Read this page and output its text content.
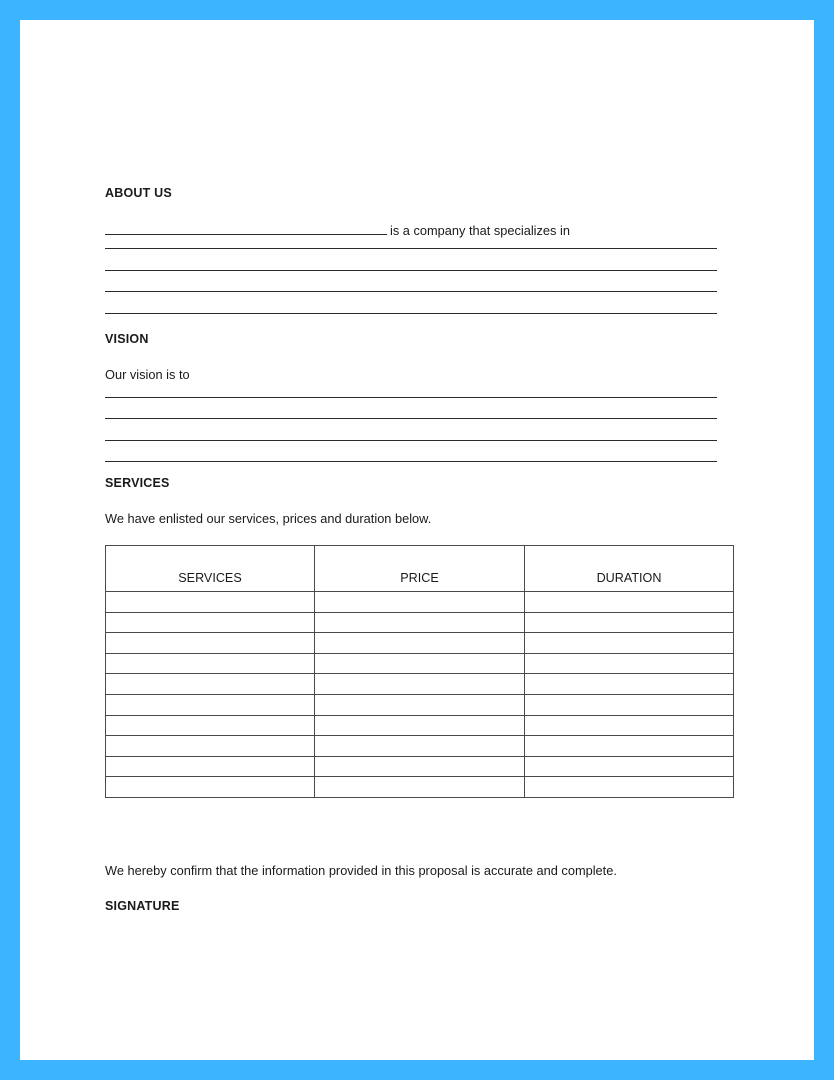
ABOUT US
is a company that specializes in
VISION
Our vision is to
SERVICES
We have enlisted our services, prices and duration below.
SERVICES	PRICE	DURATION

We hereby confirm that the information provided in this proposal is accurate and complete.
SIGNATURE
